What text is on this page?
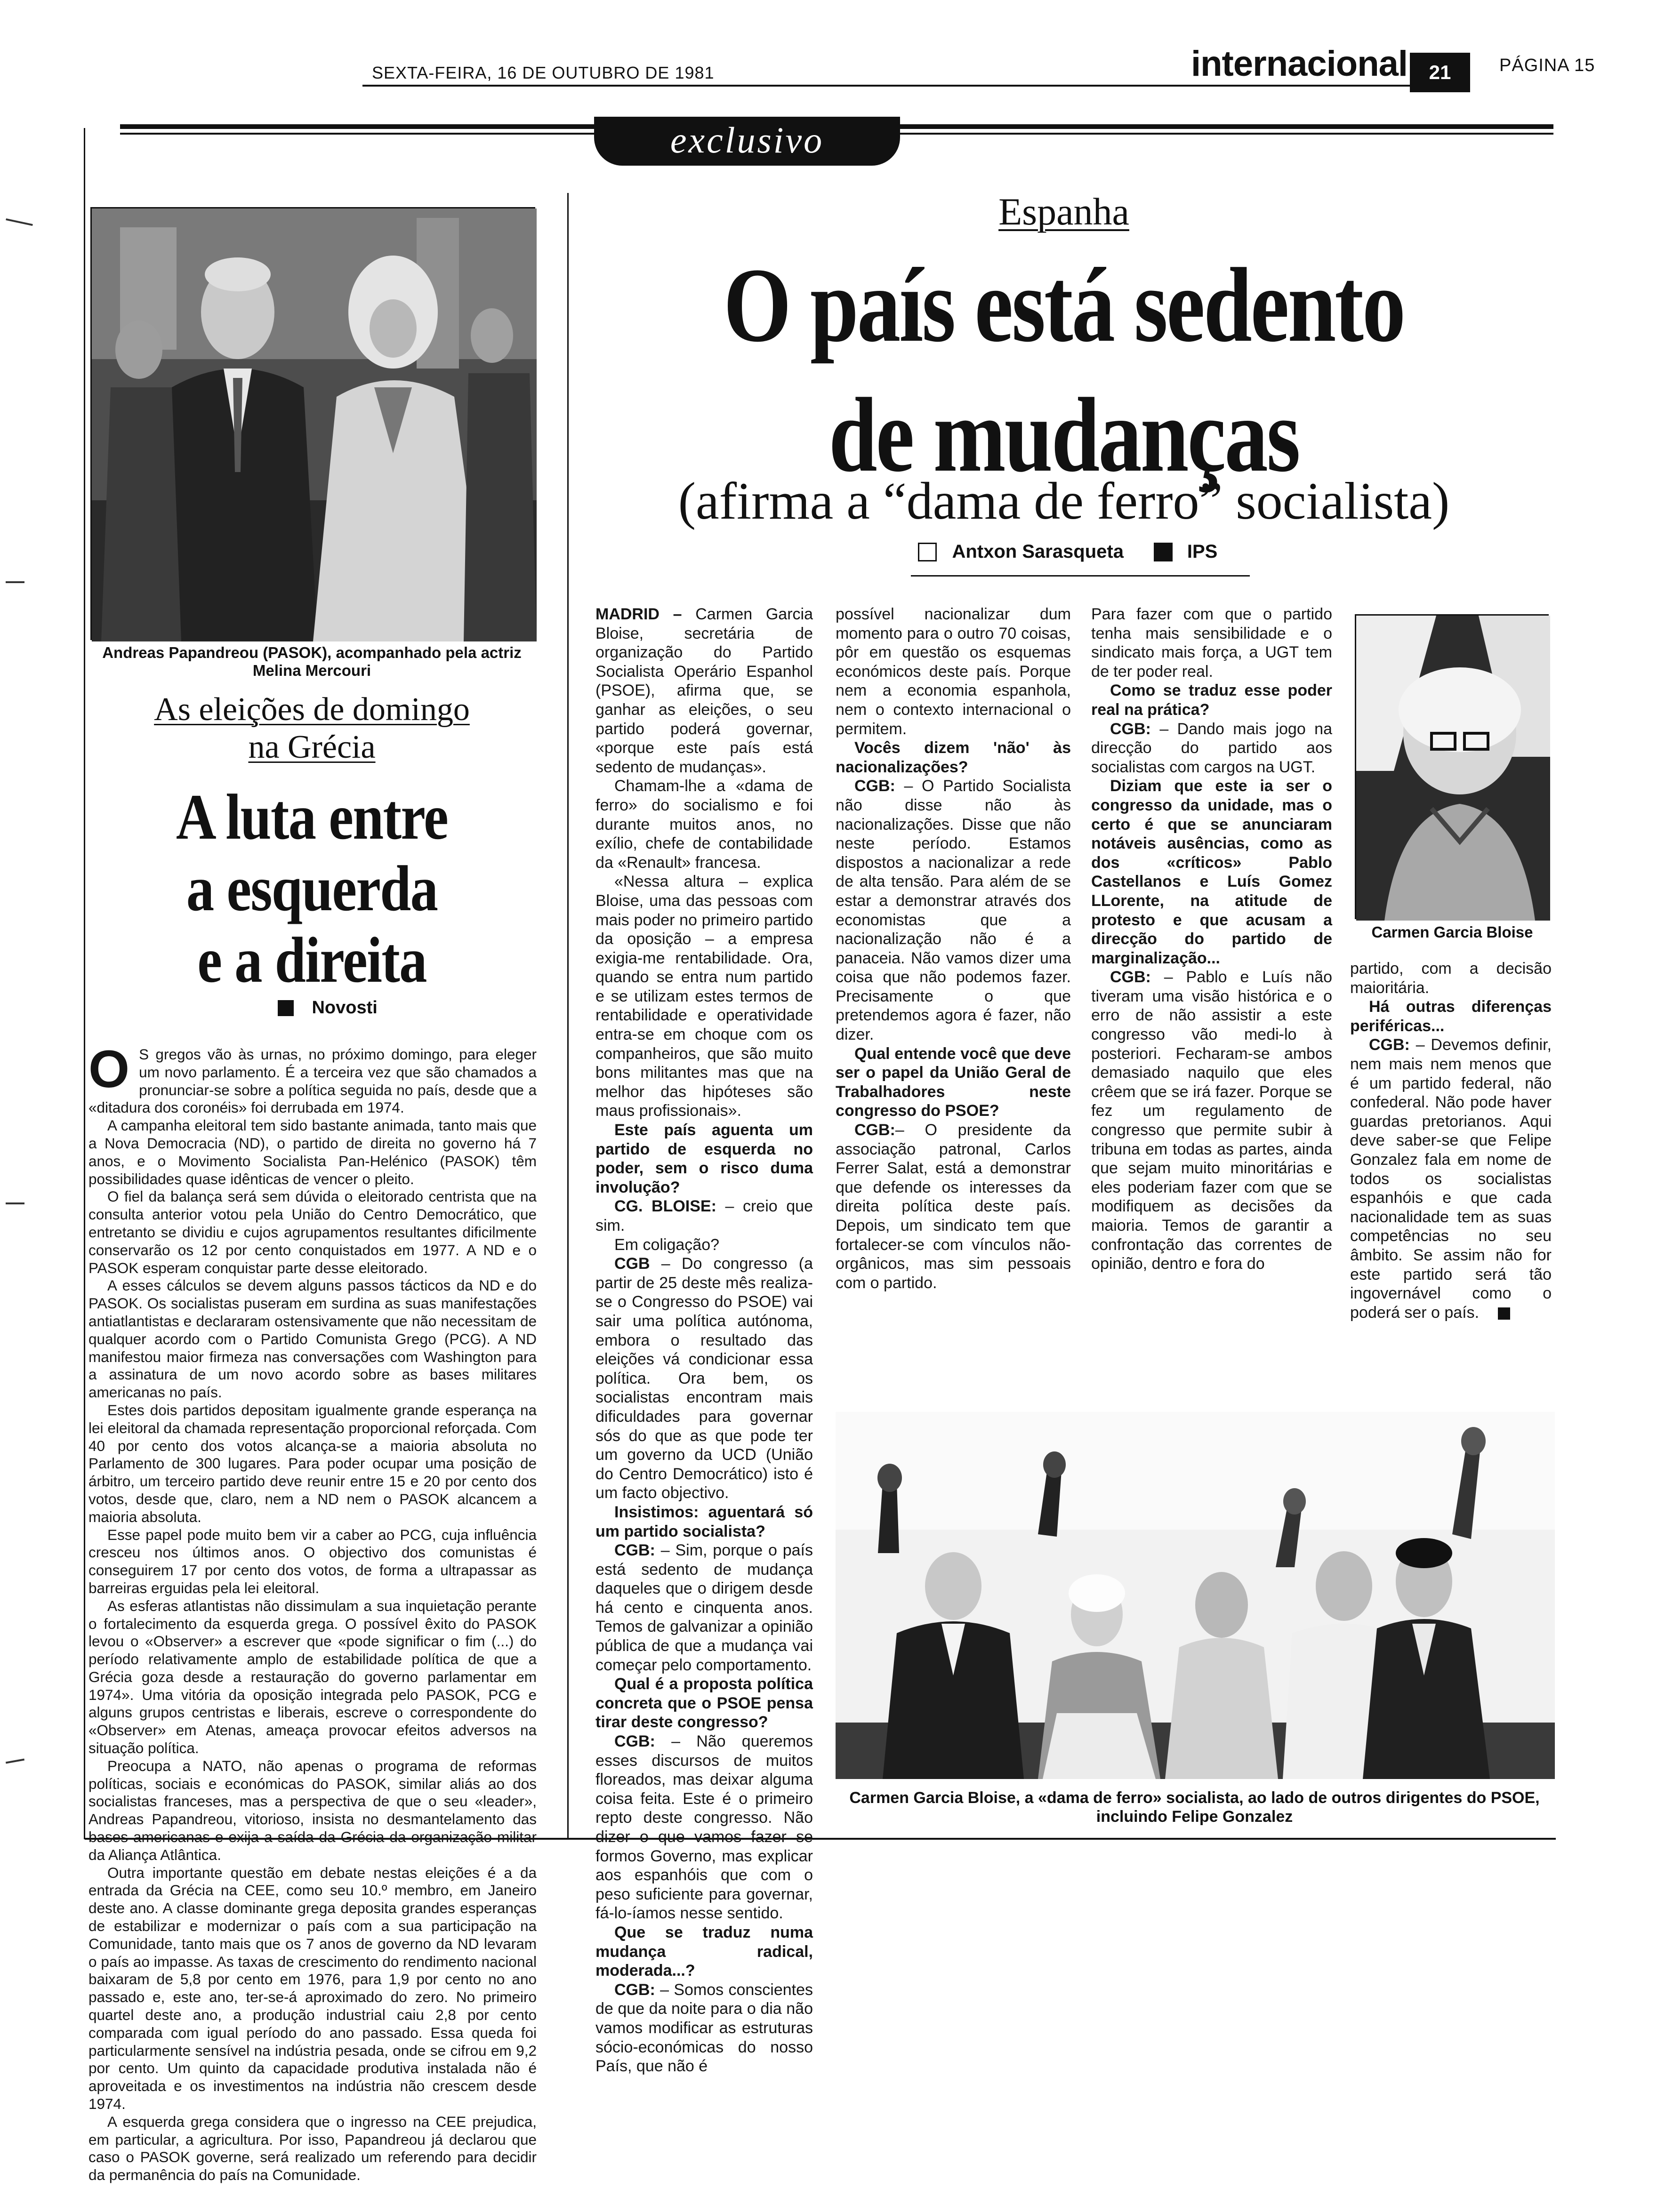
SEXTA-FEIRA, 16 DE OUTUBRO DE 1981	internacional	21	PÁGINA 15
exclusivo
Andreas Papandreou (PASOK), acompanhado pela actriz Melina Mercouri
As eleições de domingo
na Grécia
A luta entre
a esquerda
e a direita
Novosti
O S gregos vão às urnas, no próximo domingo, para eleger um novo parlamento. É a terceira vez que são chamados a pronunciar-se sobre a política seguida no país, desde que a «ditadura dos coronéis» foi derrubada em 1974.

A campanha eleitoral tem sido bastante animada, tanto mais que a Nova Democracia (ND), o partido de direita no governo há 7 anos, e o Movimento Socialista Pan-Helénico (PASOK) têm possibilidades quase idênticas de vencer o pleito.

O fiel da balança será sem dúvida o eleitorado centrista que na consulta anterior votou pela União do Centro Democrático, que entretanto se dividiu e cujos agrupamentos resultantes dificilmente conservarão os 12 por cento conquistados em 1977. A ND e o PASOK esperam conquistar parte desse eleitorado.

A esses cálculos se devem alguns passos tácticos da ND e do PASOK. Os socialistas puseram em surdina as suas manifestações antiatlantistas e declararam ostensivamente que não necessitam de qualquer acordo com o Partido Comunista Grego (PCG). A ND manifestou maior firmeza nas conversações com Washington para a assinatura de um novo acordo sobre as bases militares americanas no país.

Estes dois partidos depositam igualmente grande esperança na lei eleitoral da chamada representação proporcional reforçada. Com 40 por cento dos votos alcança-se a maioria absoluta no Parlamento de 300 lugares. Para poder ocupar uma posição de árbitro, um terceiro partido deve reunir entre 15 e 20 por cento dos votos, desde que, claro, nem a ND nem o PASOK alcancem a maioria absoluta.

Esse papel pode muito bem vir a caber ao PCG, cuja influência cresceu nos últimos anos. O objectivo dos comunistas é conseguirem 17 por cento dos votos, de forma a ultrapassar as barreiras erguidas pela lei eleitoral.

As esferas atlantistas não dissimulam a sua inquietação perante o fortalecimento da esquerda grega. O possível êxito do PASOK levou o «Observer» a escrever que «pode significar o fim (...) do período relativamente amplo de estabilidade política de que a Grécia goza desde a restauração do governo parlamentar em 1974». Uma vitória da oposição integrada pelo PASOK, PCG e alguns grupos centristas e liberais, escreve o correspondente do «Observer» em Atenas, ameaça provocar efeitos adversos na situação política.

Preocupa a NATO, não apenas o programa de reformas políticas, sociais e económicas do PASOK, similar aliás ao dos socialistas franceses, mas a perspectiva de que o seu «leader», Andreas Papandreou, vitorioso, insista no desmantelamento das bases americanas e exija a saída da Grécia da organização militar da Aliança Atlântica.

Outra importante questão em debate nestas eleições é a da entrada da Grécia na CEE, como seu 10.º membro, em Janeiro deste ano. A classe dominante grega deposita grandes esperanças de estabilizar e modernizar o país com a sua participação na Comunidade, tanto mais que os 7 anos de governo da ND levaram o país ao impasse. As taxas de crescimento do rendimento nacional baixaram de 5,8 por cento em 1976, para 1,9 por cento no ano passado e, este ano, ter-se-á aproximado do zero. No primeiro quartel deste ano, a produção industrial caiu 2,8 por cento comparada com igual período do ano passado. Essa queda foi particularmente sensível na indústria pesada, onde se cifrou em 9,2 por cento. Um quinto da capacidade produtiva instalada não é aproveitada e os investimentos na indústria não crescem desde 1974.

A esquerda grega considera que o ingresso na CEE prejudica, em particular, a agricultura. Por isso, Papandreou já declarou que caso o PASOK governe, será realizado um referendo para decidir da permanência do país na Comunidade.

Espanha
O país está sedento
de mudanças
(afirma a “dama de ferro” socialista)
Antxon Sarasqueta	IPS

MADRID – Carmen Garcia Bloise, secretária de organização do Partido Socialista Operário Espanhol (PSOE), afirma que, se ganhar as eleições, o seu partido poderá governar, «porque este país está sedento de mudanças».

Chamam-lhe a «dama de ferro» do socialismo e foi durante muitos anos, no exílio, chefe de contabilidade da «Renault» francesa.

«Nessa altura – explica Bloise, uma das pessoas com mais poder no primeiro partido da oposição – a empresa exigia-me rentabilidade. Ora, quando se entra num partido e se utilizam estes termos de rentabilidade e operatividade entra-se em choque com os companheiros, que são muito bons militantes mas que na melhor das hipóteses são maus profissionais».

Este país aguenta um partido de esquerda no poder, sem o risco duma involução?

CG. BLOISE: – creio que sim.

Em coligação?

CGB – Do congresso (a partir de 25 deste mês realiza-se o Congresso do PSOE) vai sair uma política autónoma, embora o resultado das eleições vá condicionar essa política. Ora bem, os socialistas encontram mais dificuldades para governar sós do que as que pode ter um governo da UCD (União do Centro Democrático) isto é um facto objectivo.

Insistimos: aguentará só um partido socialista?

CGB: – Sim, porque o país está sedento de mudança daqueles que o dirigem desde há cento e cinquenta anos. Temos de galvanizar a opinião pública de que a mudança vai começar pelo comportamento.

Qual é a proposta política concreta que o PSOE pensa tirar deste congresso?

CGB: – Não queremos esses discursos de muitos floreados, mas deixar alguma coisa feita. Este é o primeiro repto deste congresso. Não dizer o que vamos fazer se formos Governo, mas explicar aos espanhóis que com o peso suficiente para governar, fá-lo-íamos nesse sentido.

Que se traduz numa mudança radical, moderada...?

CGB: – Somos conscientes de que da noite para o dia não vamos modificar as estruturas sócio-económicas do nosso País, que não é

possível nacionalizar dum momento para o outro 70 coisas, pôr em questão os esquemas económicos deste país. Porque nem a economia espanhola, nem o contexto internacional o permitem.

Vocês dizem 'não' às nacionalizações?

CGB: – O Partido Socialista não disse não às nacionalizações. Disse que não neste período. Estamos dispostos a nacionalizar a rede de alta tensão. Para além de se estar a demonstrar através dos economistas que a nacionalização não é a panaceia. Não vamos dizer uma coisa que não podemos fazer. Precisamente o que pretendemos agora é fazer, não dizer.

Qual entende você que deve ser o papel da União Geral de Trabalhadores neste congresso do PSOE?

CGB:– O presidente da associação patronal, Carlos Ferrer Salat, está a demonstrar que defende os interesses da direita política deste país. Depois, um sindicato tem que fortalecer-se com vínculos não-orgânicos, mas sim pessoais com o partido.

Para fazer com que o partido tenha mais sensibilidade e o sindicato mais força, a UGT tem de ter poder real.

Como se traduz esse poder real na prática?

CGB: – Dando mais jogo na direcção do partido aos socialistas com cargos na UGT.

Diziam que este ia ser o congresso da unidade, mas o certo é que se anunciaram notáveis ausências, como as dos «críticos» Pablo Castellanos e Luís Gomez LLorente, na atitude de protesto e que acusam a direcção do partido de marginalização...

CGB: – Pablo e Luís não tiveram uma visão histórica e o erro de não assistir a este congresso vão medi-lo à posteriori. Fecharam-se ambos demasiado naquilo que eles crêem que se irá fazer. Porque se fez um regulamento de congresso que permite subir à tribuna em todas as partes, ainda que sejam muito minoritárias e eles poderiam fazer com que se modifiquem as decisões da maioria. Temos de garantir a confrontação das correntes de opinião, dentro e fora do

Carmen Garcia Bloise

partido, com a decisão maioritária.

Há outras diferenças periféricas...

CGB: – Devemos definir, nem mais nem menos que é um partido federal, não confederal. Não pode haver guardas pretorianos. Aqui deve saber-se que Felipe Gonzalez fala em nome de todos os socialistas espanhóis e que cada nacionalidade tem as suas competências no seu âmbito. Se assim não for este partido será tão ingovernável como o poderá ser o país.

Carmen Garcia Bloise, a «dama de ferro» socialista, ao lado de outros dirigentes do PSOE, incluindo Felipe Gonzalez
